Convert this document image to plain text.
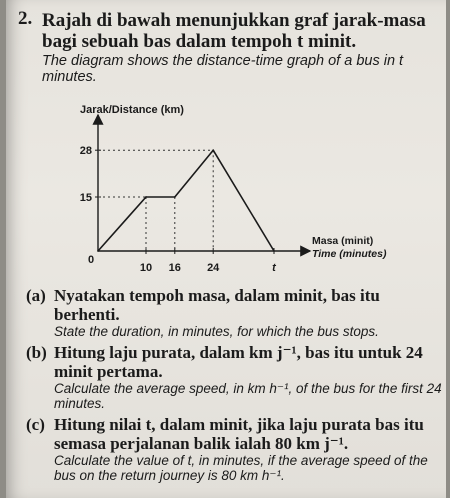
2. Rajah di bawah menunjukkan graf jarak-masa bagi sebuah bas dalam tempoh t minit.
The diagram shows the distance-time graph of a bus in t minutes.
Jarak/Distance (km)
Masa (minit)
Time (minutes)
0
10 16 24	t
15
28
(a) Nyatakan tempoh masa, dalam minit, bas itu berhenti.
State the duration, in minutes, for which the bus stops.
(b) Hitung laju purata, dalam km j⁻¹, bas itu untuk 24 minit pertama.
Calculate the average speed, in km h⁻¹, of the bus for the first 24 minutes.
(c) Hitung nilai t, dalam minit, jika laju purata bas itu semasa perjalanan balik ialah 80 km j⁻¹.
Calculate the value of t, in minutes, if the average speed of the bus on the return journey is 80 km h⁻¹.
